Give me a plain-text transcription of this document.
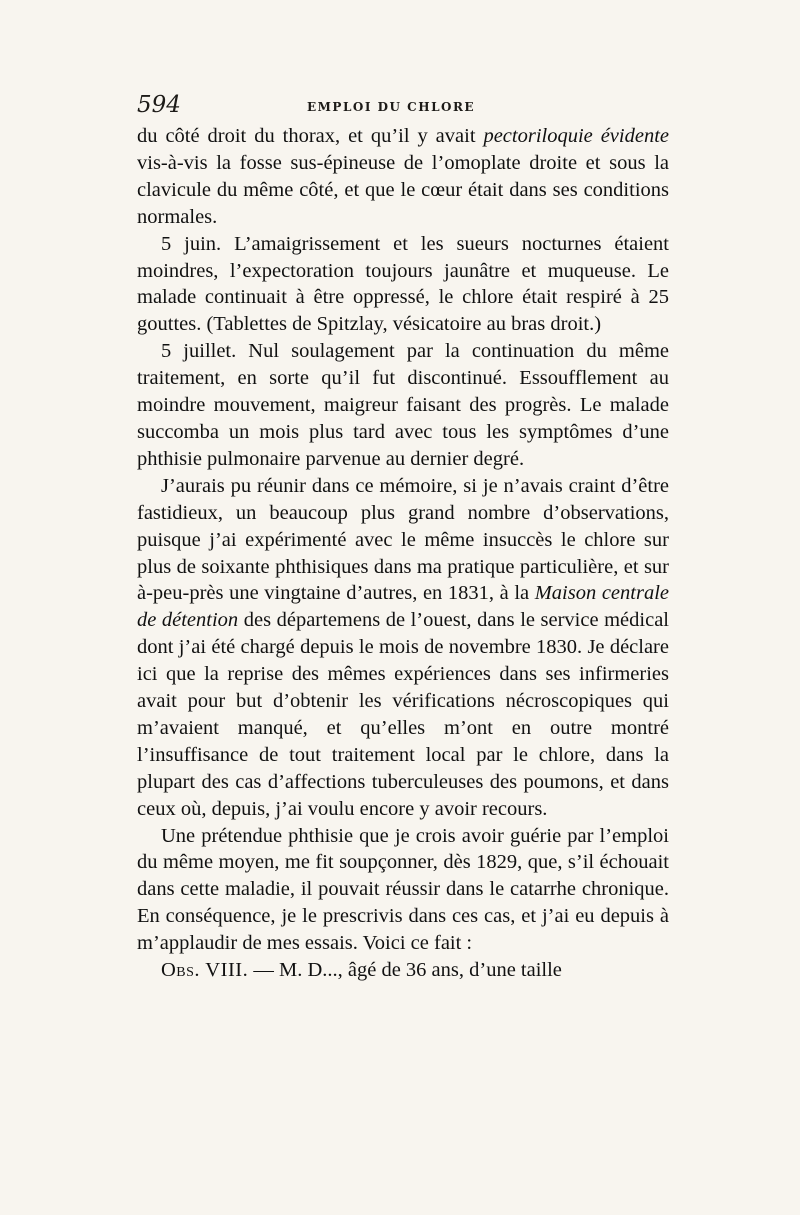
594	EMPLOI DU CHLORE

du côté droit du thorax, et qu’il y avait pectoriloquie évidente vis-à-vis la fosse sus-épineuse de l’omoplate droite et sous la clavicule du même côté, et que le cœur était dans ses conditions normales.

5 juin. L’amaigrissement et les sueurs nocturnes étaient moindres, l’expectoration toujours jaunâtre et muqueuse. Le malade continuait à être oppressé, le chlore était respiré à 25 gouttes. (Tablettes de Spitzlay, vésicatoire au bras droit.)

5 juillet. Nul soulagement par la continuation du même traitement, en sorte qu’il fut discontinué. Essoufflement au moindre mouvement, maigreur faisant des progrès. Le malade succomba un mois plus tard avec tous les symptômes d’une phthisie pulmonaire parvenue au dernier degré.

J’aurais pu réunir dans ce mémoire, si je n’avais craint d’être fastidieux, un beaucoup plus grand nombre d’observations, puisque j’ai expérimenté avec le même insuccès le chlore sur plus de soixante phthisiques dans ma pratique particulière, et sur à-peu-près une vingtaine d’autres, en 1831, à la Maison centrale de détention des départemens de l’ouest, dans le service médical dont j’ai été chargé depuis le mois de novembre 1830. Je déclare ici que la reprise des mêmes expériences dans ses infirmeries avait pour but d’obtenir les vérifications nécroscopiques qui m’avaient manqué, et qu’elles m’ont en outre montré l’insuffisance de tout traitement local par le chlore, dans la plupart des cas d’affections tuberculeuses des poumons, et dans ceux où, depuis, j’ai voulu encore y avoir recours.

Une prétendue phthisie que je crois avoir guérie par l’emploi du même moyen, me fit soupçonner, dès 1829, que, s’il échouait dans cette maladie, il pouvait réussir dans le catarrhe chronique. En conséquence, je le prescrivis dans ces cas, et j’ai eu depuis à m’applaudir de mes essais. Voici ce fait :

Obs. VIII. — M. D..., âgé de 36 ans, d’une taille
